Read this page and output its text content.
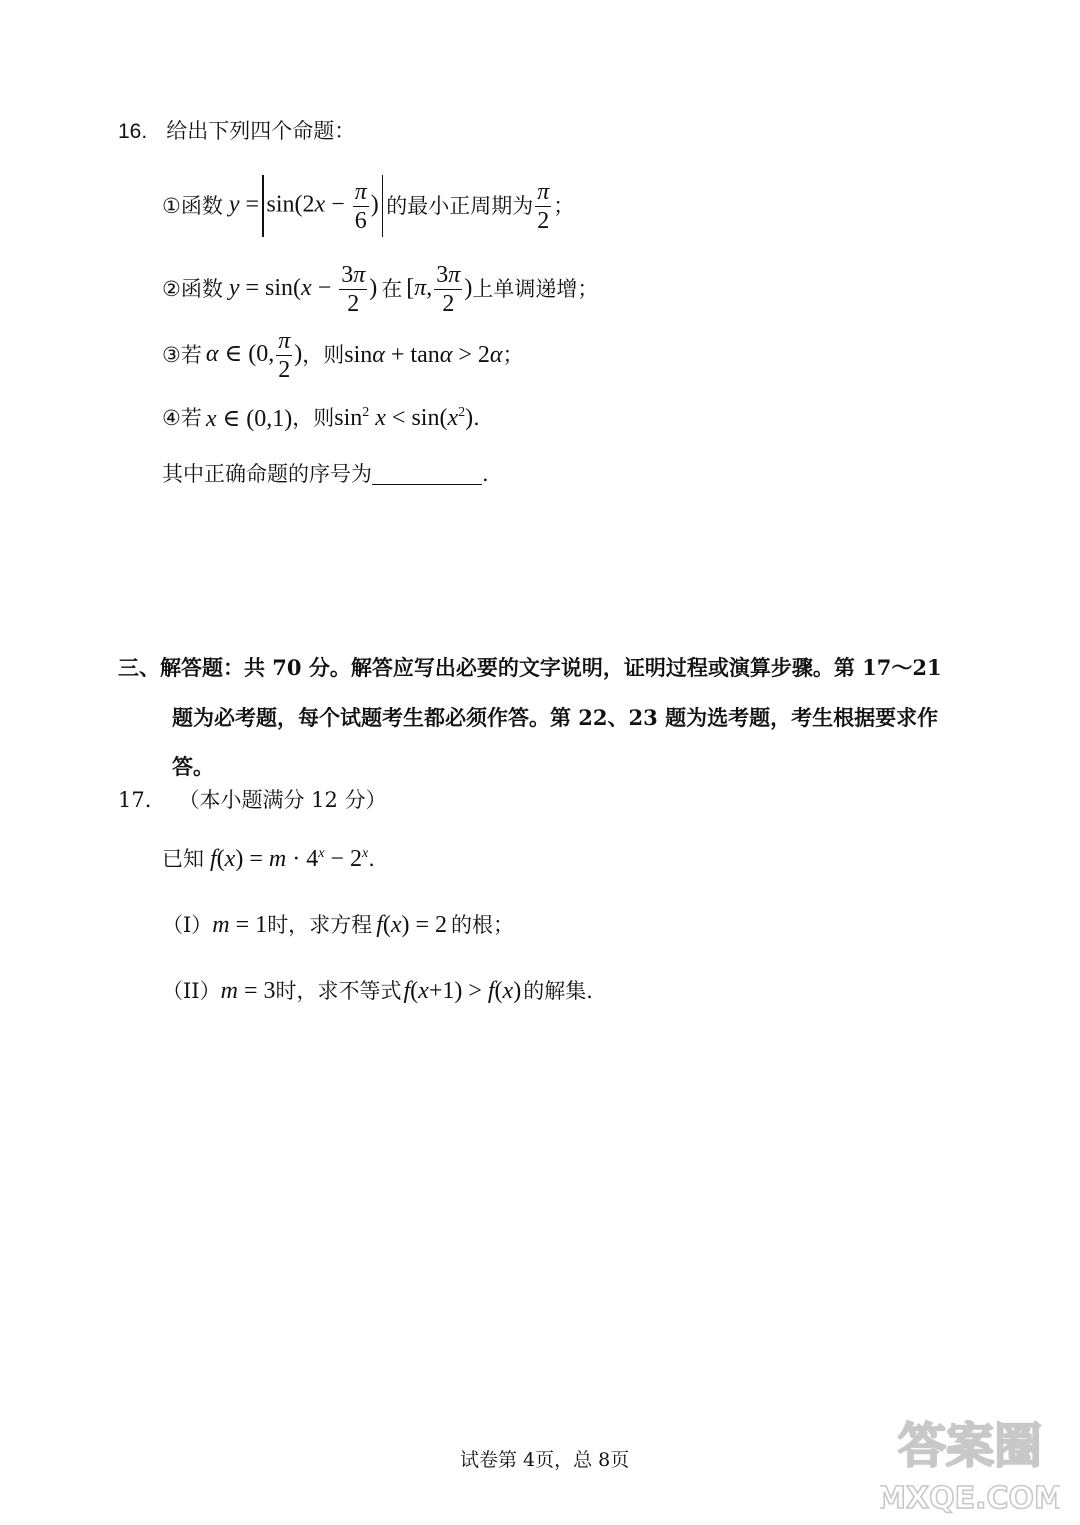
16. 给出下列四个命题：
① 函数 $y = \sin(2x - \frac{\pi}{6}$ ) 的最小正周期为 $\frac{\pi}{2}$ ；
② 函数 $y = \sin(x - \frac{3\pi}{2}$ ) 在 [π, $\frac{3\pi}{2}$ ) 上单调递增；
③ 若 α ∈ (0, $\frac{\pi}{2}$ ) ，则 sinα + tanα > 2α ；
④ 若 x ∈ (0,1) ，则 $\sin^2 x < \sin(x^2)$ .
其中正确命题的序号为	.
三、解答题：共 70 分。解答应写出必要的文字说明，证明过程或演算步骤。第 17～21
题为必考题，每个试题考生都必须作答。第 22、23 题为选考题，考生根据要求作
答。
17. （本小题满分 12 分）
已知 $f(x) = m \cdot 4^x - 2^x$ .
（I） m = 1 时，求方程 f(x) = 2 的根；
（II） m = 3 时，求不等式 f(x+1) > f(x) 的解集.
试卷第 4页，总 8页	答案圈
MXQE.COM
